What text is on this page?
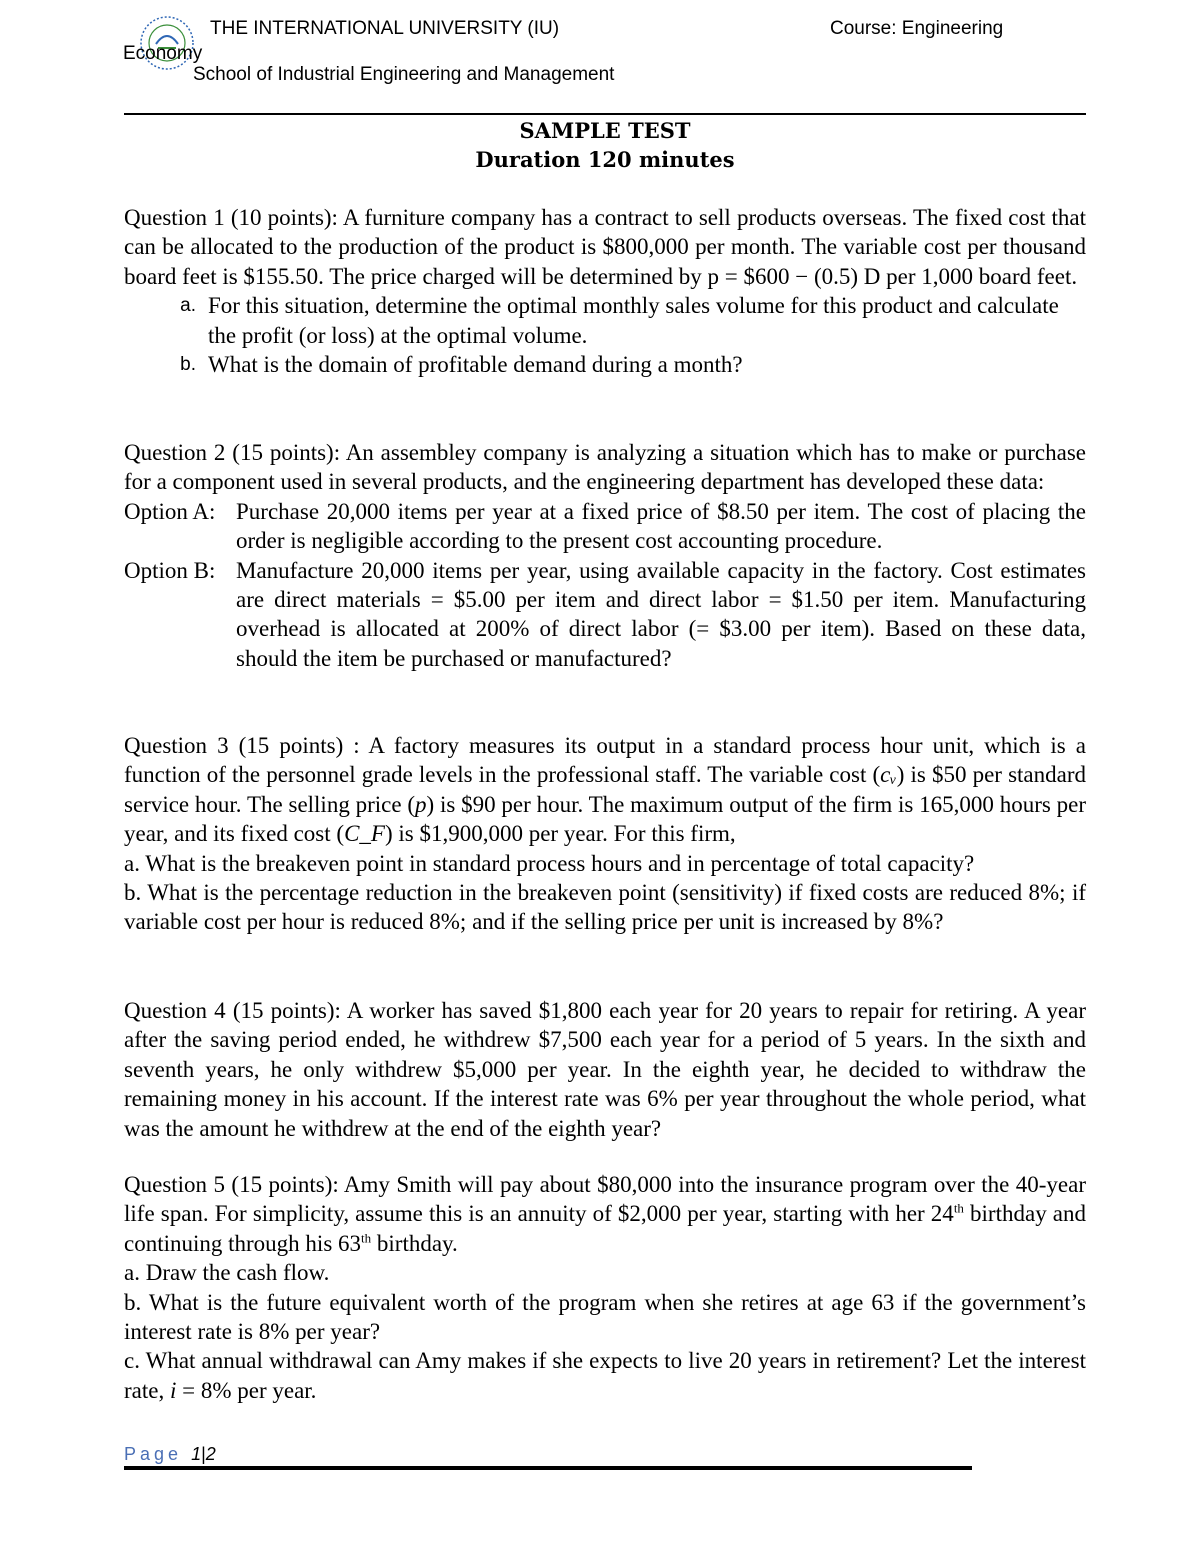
THE INTERNATIONAL UNIVERSITY (IU)	Course: Engineering
Economy
School of Industrial Engineering and Management
SAMPLE TEST
Duration 120 minutes

Question 1 (10 points): A furniture company has a contract to sell products overseas. The fixed cost that can be allocated to the production of the product is $800,000 per month. The variable cost per thousand board feet is $155.50. The price charged will be determined by p = $600 − (0.5) D per 1,000 board feet.

a. For this situation, determine the optimal monthly sales volume for this product and calculate the profit (or loss) at the optimal volume.
b. What is the domain of profitable demand during a month?

Question 2 (15 points): An assembley company is analyzing a situation which has to make or purchase for a component used in several products, and the engineering department has developed these data:

Option A: Purchase 20,000 items per year at a fixed price of $8.50 per item. The cost of placing the order is negligible according to the present cost accounting procedure.
Option B: Manufacture 20,000 items per year, using available capacity in the factory. Cost estimates are direct materials = $5.00 per item and direct labor = $1.50 per item. Manufacturing overhead is allocated at 200% of direct labor (= $3.00 per item). Based on these data, should the item be purchased or manufactured?

Question 3 (15 points) : A factory measures its output in a standard process hour unit, which is a function of the personnel grade levels in the professional staff. The variable cost (cᵥ) is $50 per standard service hour. The selling price (p) is $90 per hour. The maximum output of the firm is 165,000 hours per year, and its fixed cost (C_F) is $1,900,000 per year. For this firm,

a. What is the breakeven point in standard process hours and in percentage of total capacity?

b. What is the percentage reduction in the breakeven point (sensitivity) if fixed costs are reduced 8%; if variable cost per hour is reduced 8%; and if the selling price per unit is increased by 8%?

Question 4 (15 points): A worker has saved $1,800 each year for 20 years to repair for retiring. A year after the saving period ended, he withdrew $7,500 each year for a period of 5 years. In the sixth and seventh years, he only withdrew $5,000 per year. In the eighth year, he decided to withdraw the remaining money in his account. If the interest rate was 6% per year throughout the whole period, what was the amount he withdrew at the end of the eighth year?

Question 5 (15 points): Amy Smith will pay about $80,000 into the insurance program over the 40-year life span. For simplicity, assume this is an annuity of $2,000 per year, starting with her 24th birthday and continuing through his 63th birthday.

a. Draw the cash flow.

b. What is the future equivalent worth of the program when she retires at age 63 if the government’s interest rate is 8% per year?

c. What annual withdrawal can Amy makes if she expects to live 20 years in retirement? Let the interest rate, i = 8% per year.

Page 1|2
